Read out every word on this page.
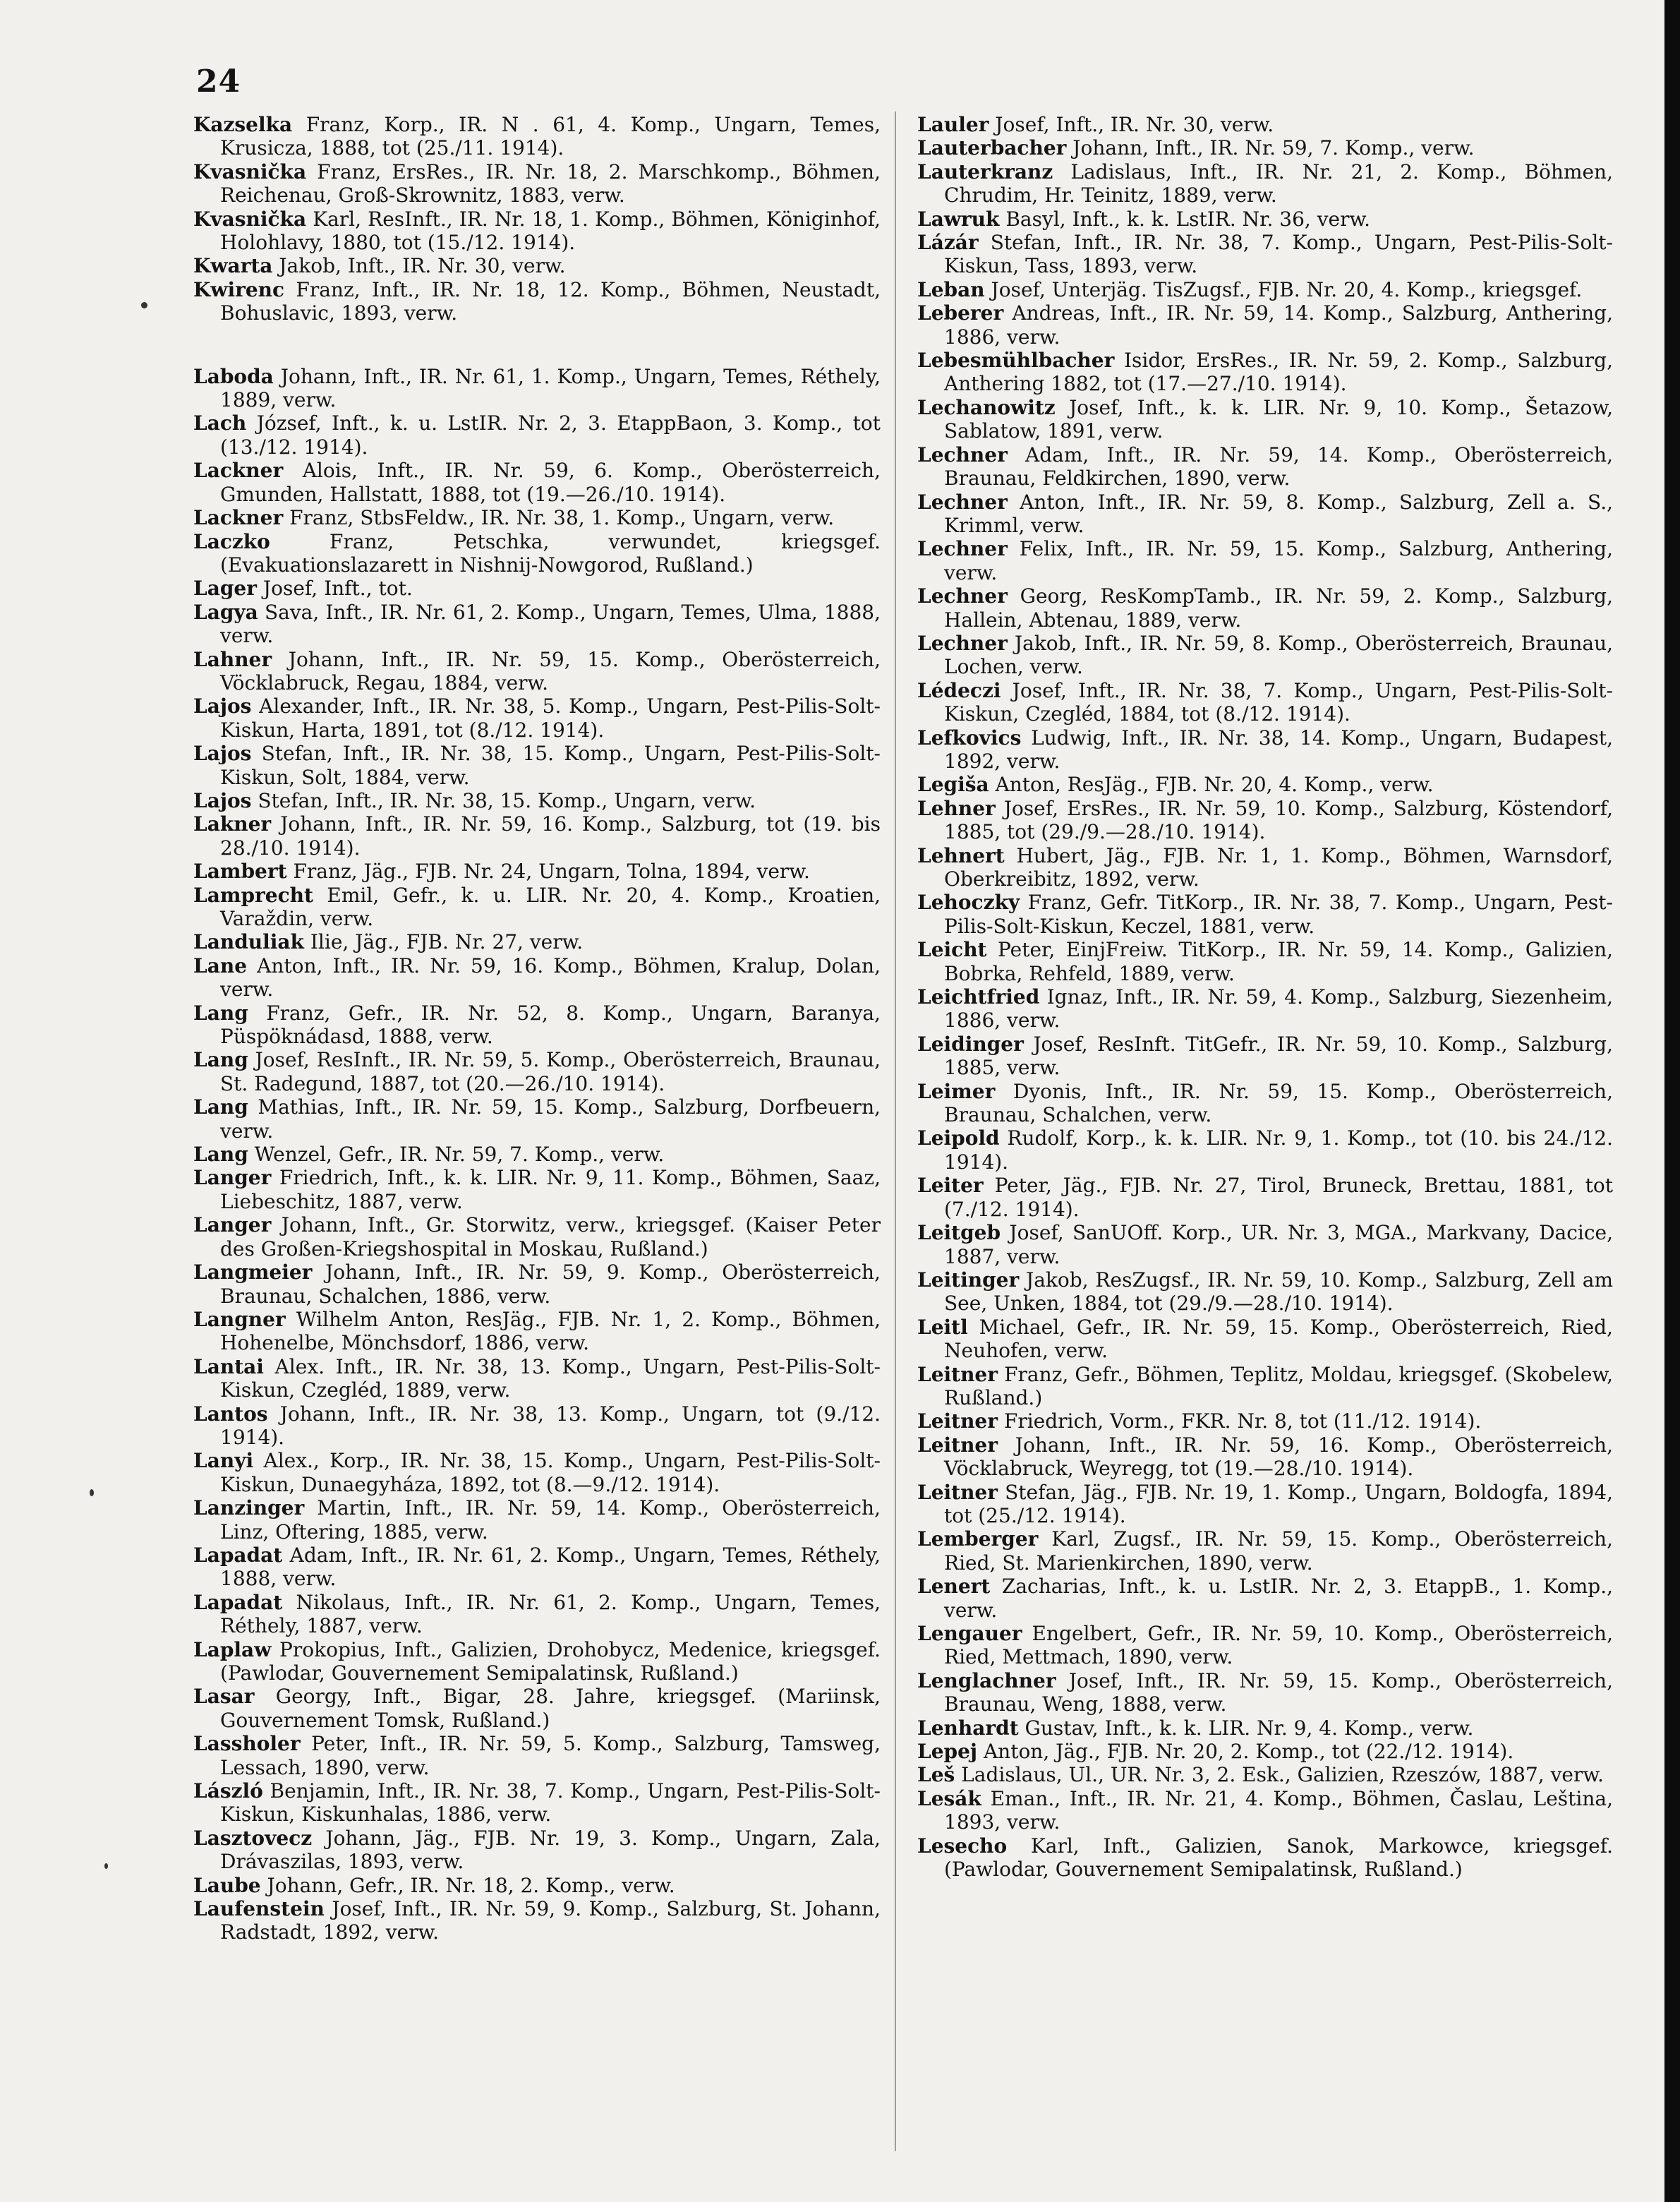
24

Kazselka Franz, Korp., IR. N . 61, 4. Komp., Ungarn, Temes, Krusicza, 1888, tot (25./11. 1914).

Kvasnička Franz, ErsRes., IR. Nr. 18, 2. Marschkomp., Böhmen, Reichenau, Groß-Skrownitz, 1883, verw.

Kvasnička Karl, ResInft., IR. Nr. 18, 1. Komp., Böhmen, Königinhof, Holohlavy, 1880, tot (15./12. 1914).

Kwarta Jakob, Inft., IR. Nr. 30, verw.

Kwirenc Franz, Inft., IR. Nr. 18, 12. Komp., Böhmen, Neustadt, Bohuslavic, 1893, verw.

Laboda Johann, Inft., IR. Nr. 61, 1. Komp., Ungarn, Temes, Réthely, 1889, verw.

Lach József, Inft., k. u. LstIR. Nr. 2, 3. EtappBaon, 3. Komp., tot (13./12. 1914).

Lackner Alois, Inft., IR. Nr. 59, 6. Komp., Oberösterreich, Gmunden, Hallstatt, 1888, tot (19.—26./10. 1914).

Lackner Franz, StbsFeldw., IR. Nr. 38, 1. Komp., Ungarn, verw.

Laczko	Franz, Petschka, verwundet, kriegsgef. (Evakuationslazarett in Nishnij-Nowgorod, Rußland.)

Lager Josef, Inft., tot.

Lagya Sava, Inft., IR. Nr. 61, 2. Komp., Ungarn, Temes, Ulma, 1888, verw.

Lahner Johann, Inft., IR. Nr. 59, 15. Komp., Oberösterreich, Vöcklabruck, Regau, 1884, verw.

Lajos Alexander, Inft., IR. Nr. 38, 5. Komp., Ungarn, Pest-Pilis-Solt-Kiskun, Harta, 1891, tot (8./12. 1914).

Lajos Stefan, Inft., IR. Nr. 38, 15. Komp., Ungarn, Pest-Pilis-Solt-Kiskun, Solt, 1884, verw.

Lajos Stefan, Inft., IR. Nr. 38, 15. Komp., Ungarn, verw.

Lakner Johann, Inft., IR. Nr. 59, 16. Komp., Salzburg, tot (19. bis 28./10. 1914).

Lambert Franz, Jäg., FJB. Nr. 24, Ungarn, Tolna, 1894, verw.

Lamprecht Emil, Gefr., k. u. LIR. Nr. 20, 4. Komp., Kroatien, Varaždin, verw.

Landuliak Ilie, Jäg., FJB. Nr. 27, verw.

Lane Anton, Inft., IR. Nr. 59, 16. Komp., Böhmen, Kralup, Dolan, verw.

Lang Franz, Gefr., IR. Nr. 52, 8. Komp., Ungarn, Baranya, Püspöknádasd, 1888, verw.

Lang Josef, ResInft., IR. Nr. 59, 5. Komp., Oberösterreich, Braunau, St. Radegund, 1887, tot (20.—26./10. 1914).

Lang Mathias, Inft., IR. Nr. 59, 15. Komp., Salzburg, Dorfbeuern, verw.

Lang Wenzel, Gefr., IR. Nr. 59, 7. Komp., verw.

Langer Friedrich, Inft., k. k. LIR. Nr. 9, 11. Komp., Böhmen, Saaz, Liebeschitz, 1887, verw.

Langer Johann, Inft., Gr. Storwitz, verw., kriegsgef. (Kaiser Peter des Großen-Kriegshospital in Moskau, Rußland.)

Langmeier Johann, Inft., IR. Nr. 59, 9. Komp., Oberösterreich, Braunau, Schalchen, 1886, verw.

Langner Wilhelm Anton, ResJäg., FJB. Nr. 1, 2. Komp., Böhmen, Hohenelbe, Mönchsdorf, 1886, verw.

Lantai Alex. Inft., IR. Nr. 38, 13. Komp., Ungarn, Pest-Pilis-Solt-Kiskun, Czegléd, 1889, verw.

Lantos Johann, Inft., IR. Nr. 38, 13. Komp., Ungarn, tot (9./12. 1914).

Lanyi Alex., Korp., IR. Nr. 38, 15. Komp., Ungarn, Pest-Pilis-Solt-Kiskun, Dunaegyháza, 1892, tot (8.—9./12. 1914).

Lanzinger Martin, Inft., IR. Nr. 59, 14. Komp., Oberösterreich, Linz, Oftering, 1885, verw.

Lapadat Adam, Inft., IR. Nr. 61, 2. Komp., Ungarn, Temes, Réthely, 1888, verw.

Lapadat Nikolaus, Inft., IR. Nr. 61, 2. Komp., Ungarn, Temes, Réthely, 1887, verw.

Laplaw Prokopius, Inft., Galizien, Drohobycz, Medenice, kriegsgef. (Pawlodar, Gouvernement Semipalatinsk, Rußland.)

Lasar Georgy, Inft., Bigar, 28. Jahre, kriegsgef. (Mariinsk, Gouvernement Tomsk, Rußland.)

Lassholer Peter, Inft., IR. Nr. 59, 5. Komp., Salzburg, Tamsweg, Lessach, 1890, verw.

László Benjamin, Inft., IR. Nr. 38, 7. Komp., Ungarn, Pest-Pilis-Solt-Kiskun, Kiskunhalas, 1886, verw.

Lasztovecz Johann, Jäg., FJB. Nr. 19, 3. Komp., Ungarn, Zala, Drávaszilas, 1893, verw.

Laube Johann, Gefr., IR. Nr. 18, 2. Komp., verw.

Laufenstein Josef, Inft., IR. Nr. 59, 9. Komp., Salzburg, St. Johann, Radstadt, 1892, verw.

Lauler Josef, Inft., IR. Nr. 30, verw.

Lauterbacher Johann, Inft., IR. Nr. 59, 7. Komp., verw.

Lauterkranz Ladislaus, Inft., IR. Nr. 21, 2. Komp., Böhmen, Chrudim, Hr. Teinitz, 1889, verw.

Lawruk Basyl, Inft., k. k. LstIR. Nr. 36, verw.

Lázár Stefan, Inft., IR. Nr. 38, 7. Komp., Ungarn, Pest-Pilis-Solt-Kiskun, Tass, 1893, verw.

Leban Josef, Unterjäg. TisZugsf., FJB. Nr. 20, 4. Komp., kriegsgef.

Leberer Andreas, Inft., IR. Nr. 59, 14. Komp., Salzburg, Anthering, 1886, verw.

Lebesmühlbacher Isidor, ErsRes., IR. Nr. 59, 2. Komp., Salzburg, Anthering 1882, tot (17.—27./10. 1914).

Lechanowitz Josef, Inft., k. k. LIR. Nr. 9, 10. Komp., Šetazow, Sablatow, 1891, verw.

Lechner Adam, Inft., IR. Nr. 59, 14. Komp., Oberösterreich, Braunau, Feldkirchen, 1890, verw.

Lechner Anton, Inft., IR. Nr. 59, 8. Komp., Salzburg, Zell a. S., Krimml, verw.

Lechner Felix, Inft., IR. Nr. 59, 15. Komp., Salzburg, Anthering, verw.

Lechner Georg, ResKompTamb., IR. Nr. 59, 2. Komp., Salzburg, Hallein, Abtenau, 1889, verw.

Lechner Jakob, Inft., IR. Nr. 59, 8. Komp., Oberösterreich, Braunau, Lochen, verw.

Lédeczi Josef, Inft., IR. Nr. 38, 7. Komp., Ungarn, Pest-Pilis-Solt-Kiskun, Czegléd, 1884, tot (8./12. 1914).

Lefkovics Ludwig, Inft., IR. Nr. 38, 14. Komp., Ungarn, Budapest, 1892, verw.

Legiša Anton, ResJäg., FJB. Nr. 20, 4. Komp., verw.

Lehner Josef, ErsRes., IR. Nr. 59, 10. Komp., Salzburg, Köstendorf, 1885, tot (29./9.—28./10. 1914).

Lehnert Hubert, Jäg., FJB. Nr. 1, 1. Komp., Böhmen, Warnsdorf, Oberkreibitz, 1892, verw.

Lehoczky Franz, Gefr. TitKorp., IR. Nr. 38, 7. Komp., Ungarn, Pest-Pilis-Solt-Kiskun, Keczel, 1881, verw.

Leicht Peter, EinjFreiw. TitKorp., IR. Nr. 59, 14. Komp., Galizien, Bobrka, Rehfeld, 1889, verw.

Leichtfried Ignaz, Inft., IR. Nr. 59, 4. Komp., Salzburg, Siezenheim, 1886, verw.

Leidinger Josef, ResInft. TitGefr., IR. Nr. 59, 10. Komp., Salzburg, 1885, verw.

Leimer Dyonis, Inft., IR. Nr. 59, 15. Komp., Oberösterreich, Braunau, Schalchen, verw.

Leipold Rudolf, Korp., k. k. LIR. Nr. 9, 1. Komp., tot (10. bis 24./12. 1914).

Leiter Peter, Jäg., FJB. Nr. 27, Tirol, Bruneck, Brettau, 1881, tot (7./12. 1914).

Leitgeb Josef, SanUOff. Korp., UR. Nr. 3, MGA., Markvany, Dacice, 1887, verw.

Leitinger Jakob, ResZugsf., IR. Nr. 59, 10. Komp., Salzburg, Zell am See, Unken, 1884, tot (29./9.—28./10. 1914).

Leitl Michael, Gefr., IR. Nr. 59, 15. Komp., Oberösterreich, Ried, Neuhofen, verw.

Leitner Franz, Gefr., Böhmen, Teplitz, Moldau, kriegsgef. (Skobelew, Rußland.)

Leitner Friedrich, Vorm., FKR. Nr. 8, tot (11./12. 1914).

Leitner Johann, Inft., IR. Nr. 59, 16. Komp., Oberösterreich, Vöcklabruck, Weyregg, tot (19.—28./10. 1914).

Leitner Stefan, Jäg., FJB. Nr. 19, 1. Komp., Ungarn, Boldogfa, 1894, tot (25./12. 1914).

Lemberger Karl, Zugsf., IR. Nr. 59, 15. Komp., Oberösterreich, Ried, St. Marienkirchen, 1890, verw.

Lenert Zacharias, Inft., k. u. LstIR. Nr. 2, 3. EtappB., 1. Komp., verw.

Lengauer Engelbert, Gefr., IR. Nr. 59, 10. Komp., Oberösterreich, Ried, Mettmach, 1890, verw.

Lenglachner Josef, Inft., IR. Nr. 59, 15. Komp., Oberösterreich, Braunau, Weng, 1888, verw.

Lenhardt Gustav, Inft., k. k. LIR. Nr. 9, 4. Komp., verw.

Lepej Anton, Jäg., FJB. Nr. 20, 2. Komp., tot (22./12. 1914).

Leš Ladislaus, Ul., UR. Nr. 3, 2. Esk., Galizien, Rzeszów, 1887, verw.

Lesák Eman., Inft., IR. Nr. 21, 4. Komp., Böhmen, Časlau, Leština, 1893, verw.

Lesecho Karl, Inft., Galizien, Sanok, Markowce, kriegsgef. (Pawlodar, Gouvernement Semipalatinsk, Rußland.)
